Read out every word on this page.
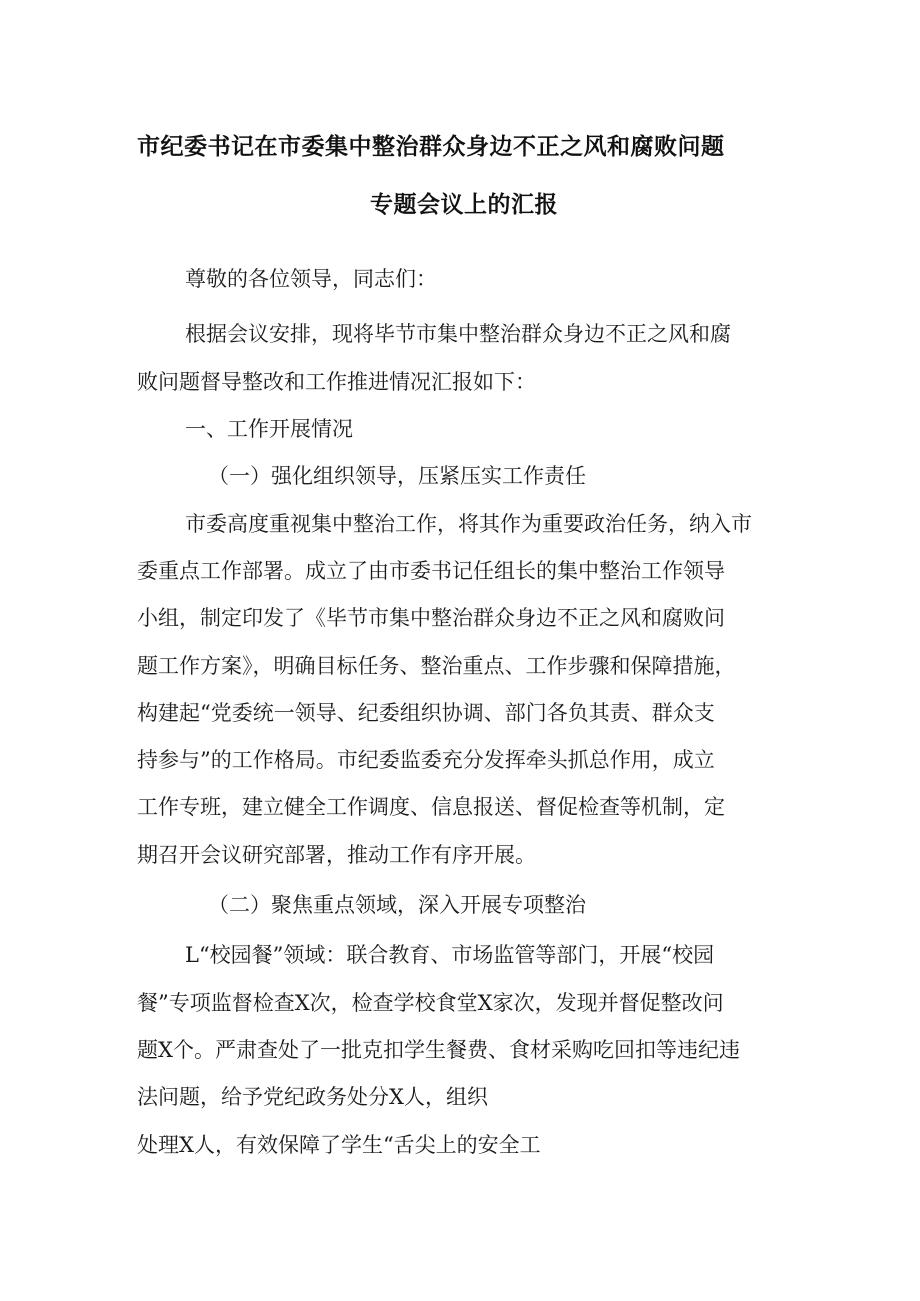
市纪委书记在市委集中整治群众身边不正之风和腐败问题
专题会议上的汇报
尊敬的各位领导，同志们：
根据会议安排，现将毕节市集中整治群众身边不正之风和腐
败问题督导整改和工作推进情况汇报如下：
一、工作开展情况
（一）强化组织领导，压紧压实工作责任
市委高度重视集中整治工作，将其作为重要政治任务，纳入市
委重点工作部署。成立了由市委书记任组长的集中整治工作领导
小组，制定印发了《毕节市集中整治群众身边不正之风和腐败问
题工作方案》，明确目标任务、整治重点、工作步骤和保障措施，
构建起“党委统一领导、纪委组织协调、部门各负其责、群众支
持参与”的工作格局。市纪委监委充分发挥牵头抓总作用，成立
工作专班，建立健全工作调度、信息报送、督促检查等机制，定
期召开会议研究部署，推动工作有序开展。
（二）聚焦重点领域，深入开展专项整治
L“校园餐”领域：联合教育、市场监管等部门，开展“校园
餐”专项监督检查X次，检查学校食堂X家次，发现并督促整改问
题X个。严肃查处了一批克扣学生餐费、食材采购吃回扣等违纪违
法问题，给予党纪政务处分X人，组织
处理X人，有效保障了学生“舌尖上的安全工
